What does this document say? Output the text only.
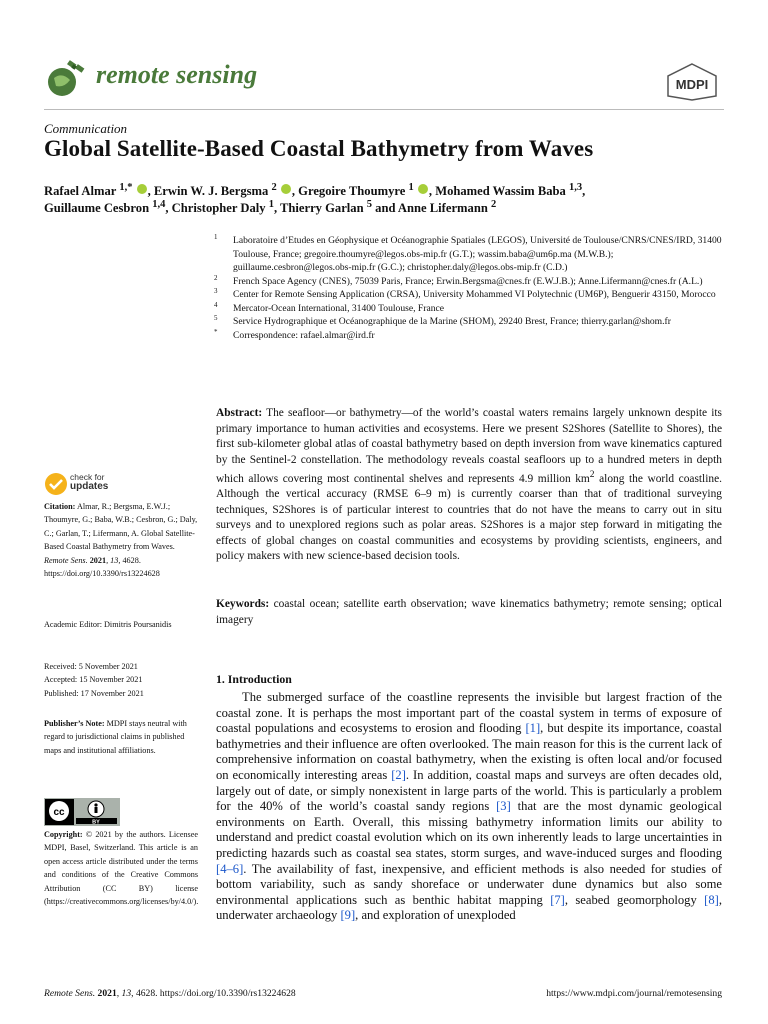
remote sensing	MDPI
Communication
Global Satellite-Based Coastal Bathymetry from Waves
Rafael Almar $^{1,*}$ , Erwin W. J. Bergsma $^2$ , Gregoire Thoumyre $^1$ , Mohamed Wassim Baba $^{1,3}$,
Guillaume Cesbron $^{1,4}$, Christopher Daly $^1$, Thierry Garlan $^5$ and Anne Lifermann $^2$
1 Laboratoire d’Etudes en Géophysique et Océanographie Spatiales (LEGOS), Université de Toulouse/CNRS/CNES/IRD, 31400 Toulouse, France; gregoire.thoumyre@legos.obs-mip.fr (G.T.); wassim.baba@um6p.ma (M.W.B.); guillaume.cesbron@legos.obs-mip.fr (G.C.); christopher.daly@legos.obs-mip.fr (C.D.)
2 French Space Agency (CNES), 75039 Paris, France; Erwin.Bergsma@cnes.fr (E.W.J.B.); Anne.Lifermann@cnes.fr (A.L.)
3 Center for Remote Sensing Application (CRSA), University Mohammed VI Polytechnic (UM6P), Benguerir 43150, Morocco
4 Mercator-Ocean International, 31400 Toulouse, France
5 Service Hydrographique et Océanographique de la Marine (SHOM), 29240 Brest, France; thierry.garlan@shom.fr
* Correspondence: rafael.almar@ird.fr
Abstract: The seafloor—or bathymetry—of the world’s coastal waters remains largely unknown despite its primary importance to human activities and ecosystems. Here we present S2Shores (Satellite to Shores), the first sub-kilometer global atlas of coastal bathymetry based on depth inversion from wave kinematics captured by the Sentinel-2 constellation. The methodology reveals coastal seafloors up to a hundred meters in depth which allows covering most continental shelves and represents 4.9 million $km^2$ along the world coastline. Although the vertical accuracy (RMSE 6–9 m) is currently coarser than that of traditional surveying techniques, S2Shores is of particular interest to countries that do not have the means to carry out in situ surveys and to unexplored regions such as polar areas. S2Shores is a major step forward in mitigating the effects of global changes on coastal communities and ecosystems by providing scientists, engineers, and policy makers with new science-based decision tools.
Keywords: coastal ocean; satellite earth observation; wave kinematics bathymetry; remote sensing; optical imagery
check for
updates
Citation: Almar, R.; Bergsma, E.W.J.; Thoumyre, G.; Baba, W.B.; Cesbron, G.; Daly, C.; Garlan, T.; Lifermann, A. Global Satellite-Based Coastal Bathymetry from Waves. Remote Sens. 2021, 13, 4628. https://doi.org/10.3390/rs13224628
Academic Editor: Dimitris Poursanidis
Received: 5 November 2021
Accepted: 15 November 2021
Published: 17 November 2021
Publisher’s Note: MDPI stays neutral with regard to jurisdictional claims in published maps and institutional affiliations.
cc
BY
Copyright: © 2021 by the authors. Licensee MDPI, Basel, Switzerland. This article is an open access article distributed under the terms and conditions of the Creative Commons Attribution (CC BY) license (https://creativecommons.org/licenses/by/4.0/).
1. Introduction
The submerged surface of the coastline represents the invisible but largest fraction of the coastal zone. It is perhaps the most important part of the coastal system in terms of exposure of coastal populations and ecosystems to erosion and flooding [1], but despite its importance, coastal bathymetries and their influence are often overlooked. The main reason for this is the current lack of comprehensive information on coastal bathymetry, when the existing is often local and/or focused on economically interesting areas [2]. In addition, coastal maps and surveys are often decades old, largely out of date, or simply nonexistent in large parts of the world. This is particularly a problem for the 40% of the world’s coastal sandy regions [3] that are the most dynamic geological environments on Earth. Overall, this missing bathymetry information limits our ability to understand and predict coastal evolution which on its own inherently leads to large uncertainties in predicting hazards such as coastal sea states, storm surges, and wave-induced surges and flooding [4–6]. The availability of fast, inexpensive, and efficient methods is also needed for studies of bottom variability, such as sandy shoreface or underwater dune dynamics but also some environmental applications such as benthic habitat mapping [7], seabed geomorphology [8], underwater archaeology [9], and exploration of unexploded
Remote Sens. 2021, 13, 4628. https://doi.org/10.3390/rs13224628	https://www.mdpi.com/journal/remotesensing
